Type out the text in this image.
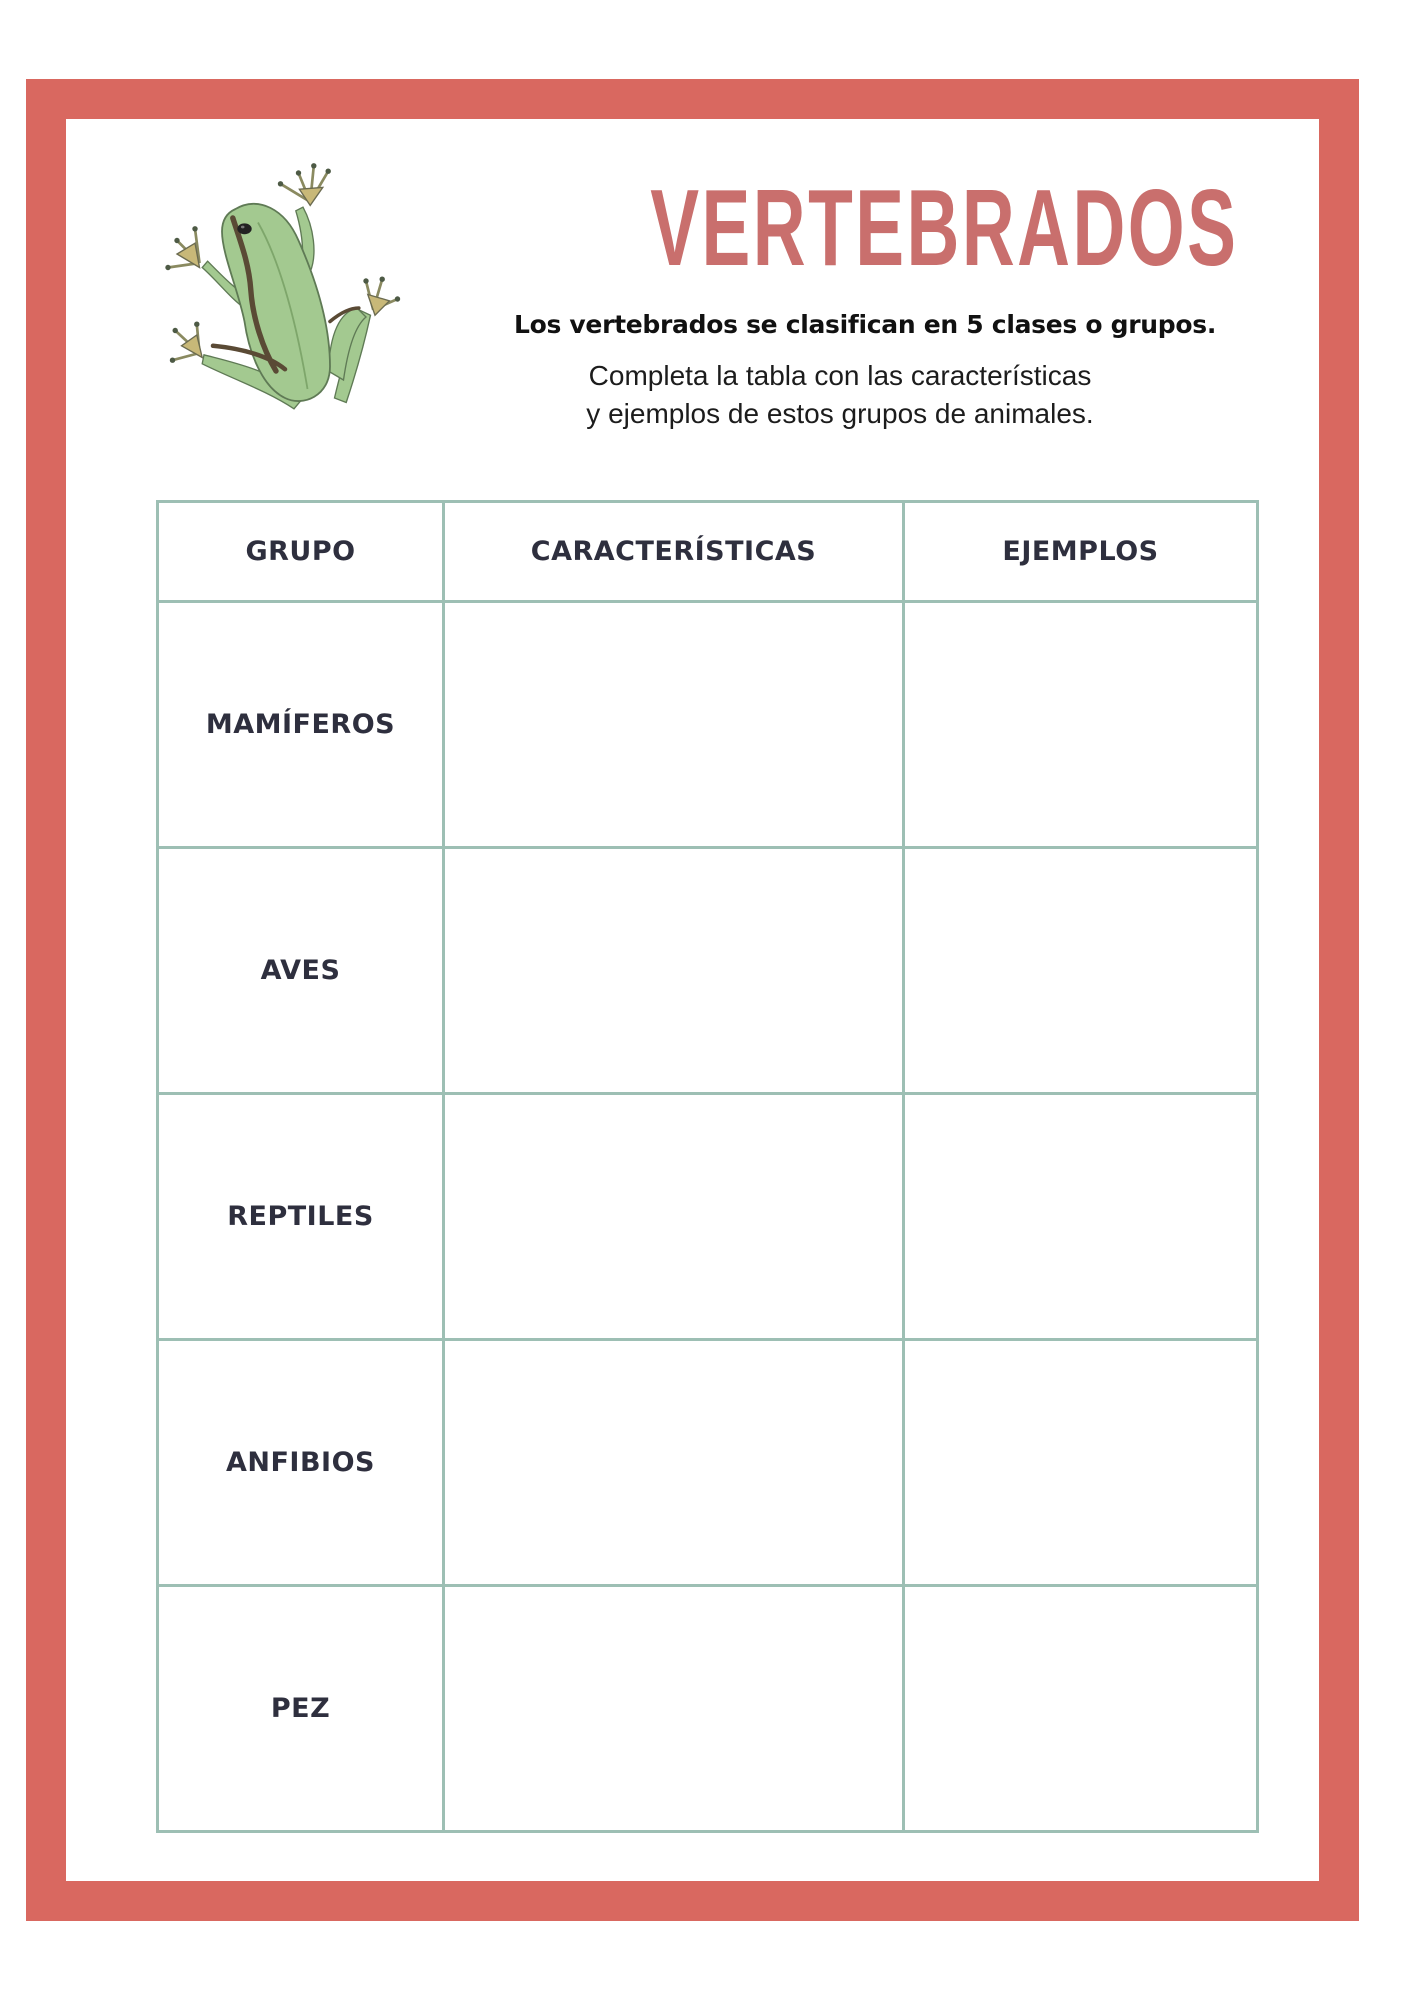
VERTEBRADOS
Los vertebrados se clasifican en 5 clases o grupos.
Completa la tabla con las características
y ejemplos de estos grupos de animales.
GRUPO	CARACTERÍSTICAS	EJEMPLOS
MAMÍFEROS		
AVES		
REPTILES		
ANFIBIOS		
PEZ		
